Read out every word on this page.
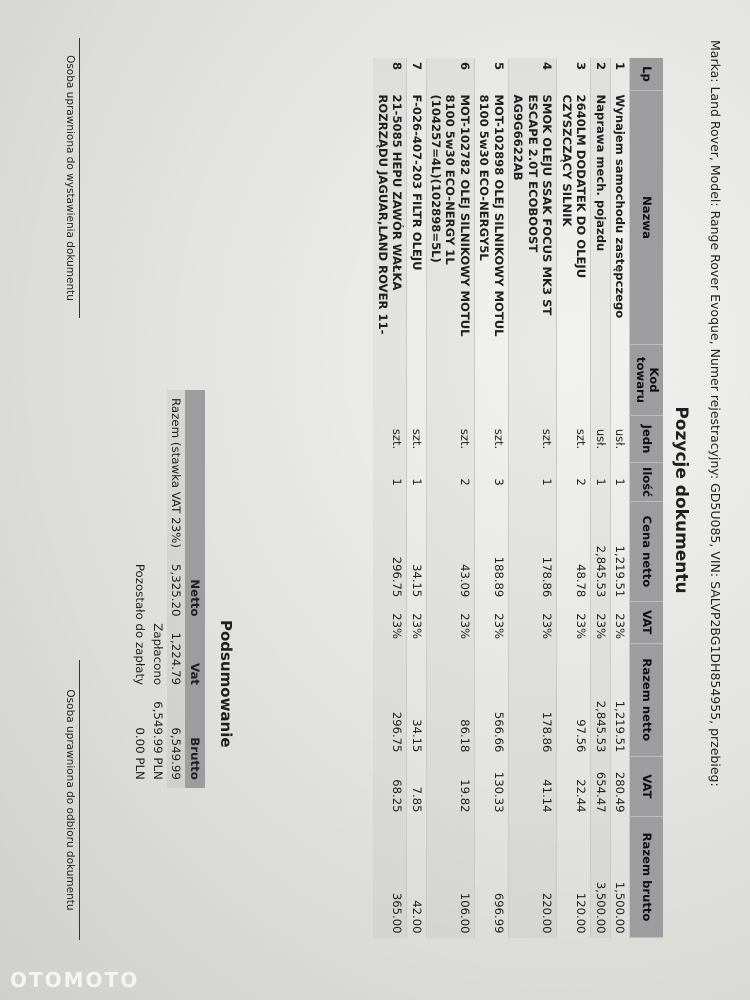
Marka: Land Rover, Model: Range Rover Evoque, Numer rejestracyjny: GD5U085, VIN: SALVP2BG1DH854955, przebieg:
Pozycje dokumentu
Lp	Nazwa	Kod towaru	Jedn	Ilość	Cena netto	VAT	Razem netto	VAT	Razem brutto
1	Wynajem samochodu zastępczego		usł.	1	1,219.51	23%	1,219.51	280.49	1,500.00
2	Naprawa mech. pojazdu		usł.	1	2,845.53	23%	2,845.53	654.47	3,500.00
3	2640LM DODATEK DO OLEJU CZYSZCZĄCY SILNIK		szt.	2	48.78	23%	97.56	22.44	120.00
4	SMOK OLEJU SSAK FOCUS MK3 ST ESCAPE 2.0T ECOBOOST AG9G6622AB		szt.	1	178.86	23%	178.86	41.14	220.00
5	MOT-102898 OLEJ SILNIKOWY MOTUL 8100 5w30 ECO-NERGY5L		szt.	3	188.89	23%	566.66	130.33	696.99
6	MOT-102782 OLEJ SILNIKOWY MOTUL 8100 5w30 ECO-NERGY 1L (104257=4L)(102898=5L)		szt.	2	43.09	23%	86.18	19.82	106.00
7	F-026-407-203 FILTR OLEJU		szt.	1	34.15	23%	34.15	7.85	42.00
8	21-5085 HEPU ZAWÓR WAŁKA ROZRZĄDU JAGUAR,LAND ROVER 11-		szt.	1	296.75	23%	296.75	68.25	365.00
Podsumowanie
	Netto	Vat	Brutto
Razem (stawka VAT 23%)	5,325.20	1,224.79	6,549.99
Zapłacono			6,549.99 PLN
Pozostało do zapłaty			0.00 PLN
Osoba uprawniona do wystawienia dokumentu
Osoba uprawniona do odbioru dokumentu
OTOMOTO
